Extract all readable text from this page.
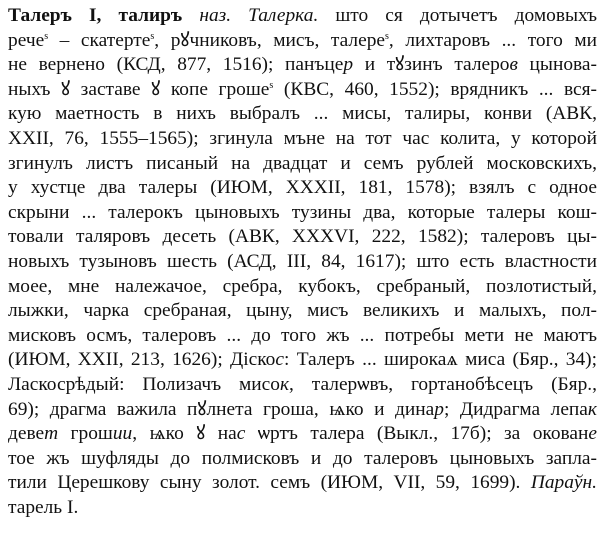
Талеръ I, талиръ наз. Талерка. што ся дотычетъ домовыхъ
рече$^s$ – скатерте$^s$, рꙋчниковъ, мисъ, талере$^s$, лихтаровъ ... того ми
не вернено (КСД, 877, 1516); панъцер и тꙋзинъ талеров цынова-
ныхъ ꙋ заставе ꙋ копе гроше$^s$ (КВС, 460, 1552); врядникъ ... вся-
кую маетность в нихъ выбралъ ... мисы, талиры, конви (АВК,
XXII, 76, 1555–1565); згинула мъне на тот час колита, у которой
згинулъ листъ писаный на двадцат и семъ рублей московскихъ,
у хустце два талеры (ИЮМ, XXXII, 181, 1578); взялъ с одное
скрыни ... талерокъ цыновыхъ тузины два, которые талеры кош-
товали таляровъ десеть (АВК, XXXVI, 222, 1582); талеровъ цы-
новыхъ тузыновъ шесть (АСД, III, 84, 1617); што есть властности
моее, мне належачое, сребра, кубокъ, сребраный, позлотистый,
лыжки, чарка сребраная, цыну, мисъ великихъ и малыхъ, пол-
мисковъ осмъ, талеровъ ... до того жъ ... потребы мети не маютъ
(ИЮМ, XXII, 213, 1626); Діскос: Талеръ ... широкаѧ миса (Бяр., 34);
Ласкосрѣдый: Полизачъ мисок, талерѡвъ, гортанобѣсецъ (Бяр.,
69); драгма важила пꙋлнета гроша, ѩко и динар; Дидрагма лепак
девет грошии, ѩко ꙋ нас ѡртъ талера (Выкл., 17б); за оковане
тое жъ шуфляды до полмисковъ и до талеровъ цыновыхъ запла-
тили Церешкову сыну золот. семъ (ИЮМ, VII, 59, 1699). Параўн.
тарель I.
